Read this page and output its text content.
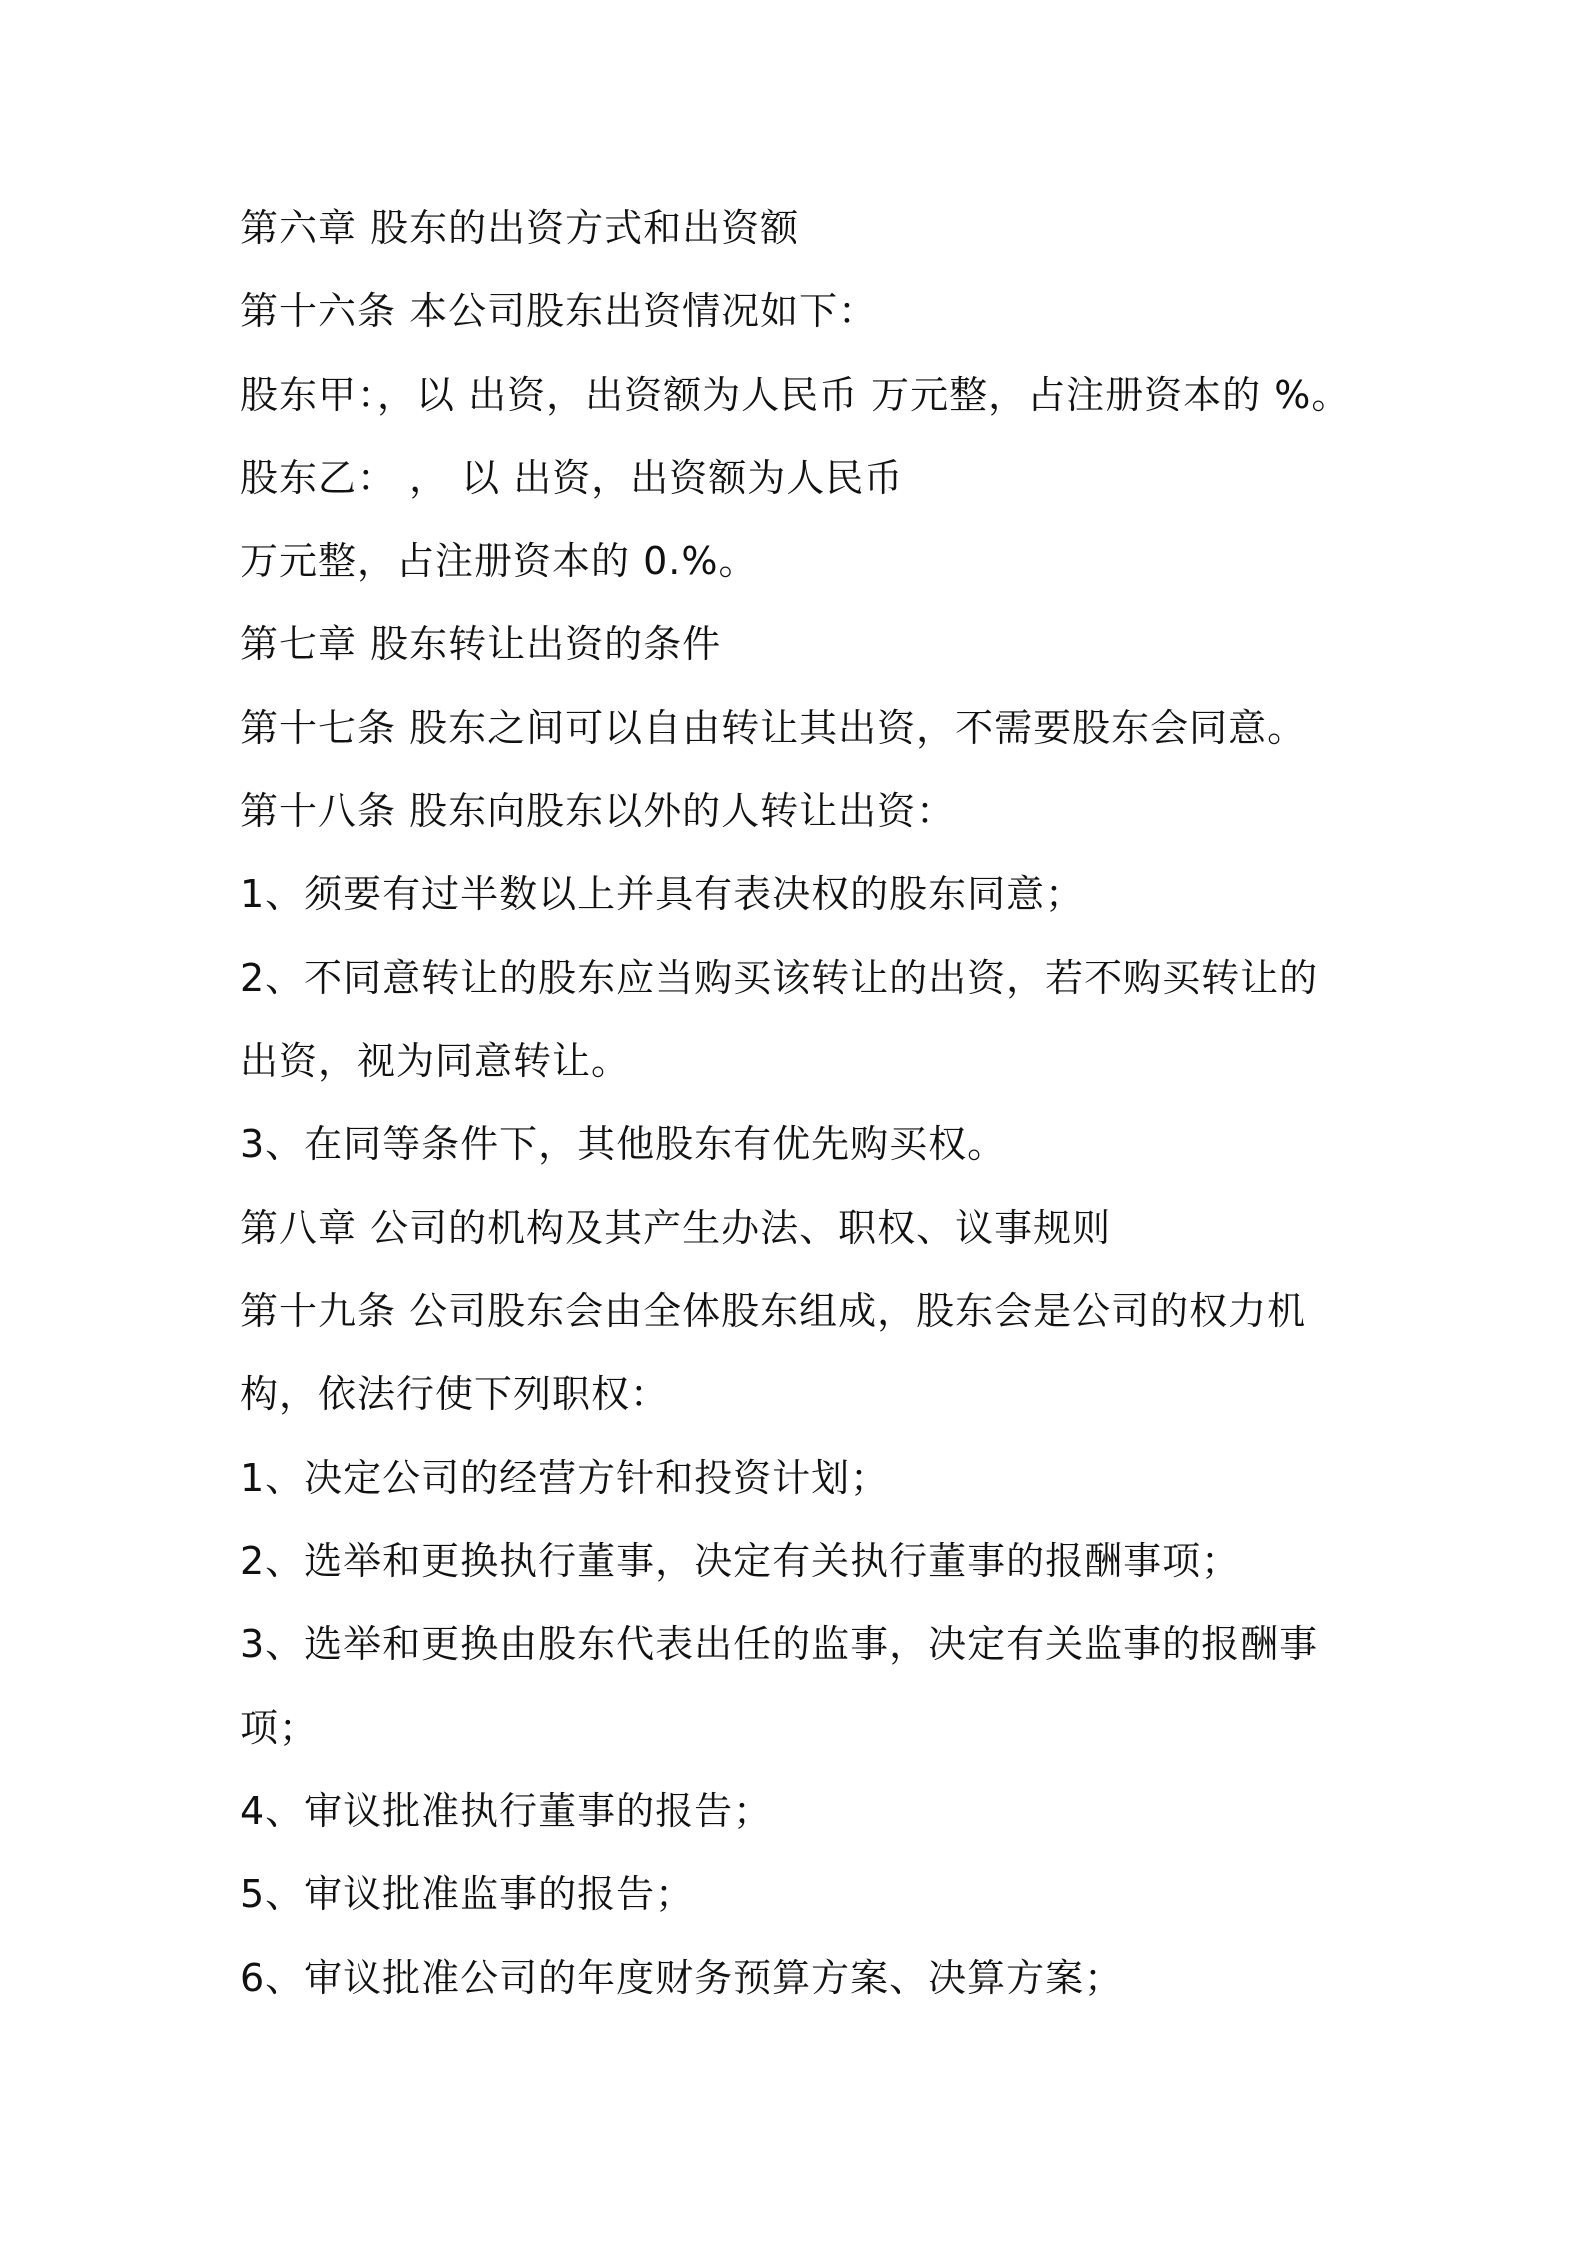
第六章 股东的出资方式和出资额

第十六条 本公司股东出资情况如下：

股东甲：，以 出资，出资额为人民币 万元整，占注册资本的 %。

股东乙： ， 以 出资，出资额为人民币

万元整，占注册资本的 0.%。

第七章 股东转让出资的条件

第十七条 股东之间可以自由转让其出资，不需要股东会同意。

第十八条 股东向股东以外的人转让出资：

1、须要有过半数以上并具有表决权的股东同意；

2、不同意转让的股东应当购买该转让的出资，若不购买转让的

出资，视为同意转让。

3、在同等条件下，其他股东有优先购买权。

第八章 公司的机构及其产生办法、职权、议事规则

第十九条 公司股东会由全体股东组成，股东会是公司的权力机

构，依法行使下列职权：

1、决定公司的经营方针和投资计划；

2、选举和更换执行董事，决定有关执行董事的报酬事项；

3、选举和更换由股东代表出任的监事，决定有关监事的报酬事

项；

4、审议批准执行董事的报告；

5、审议批准监事的报告；

6、审议批准公司的年度财务预算方案、决算方案；
